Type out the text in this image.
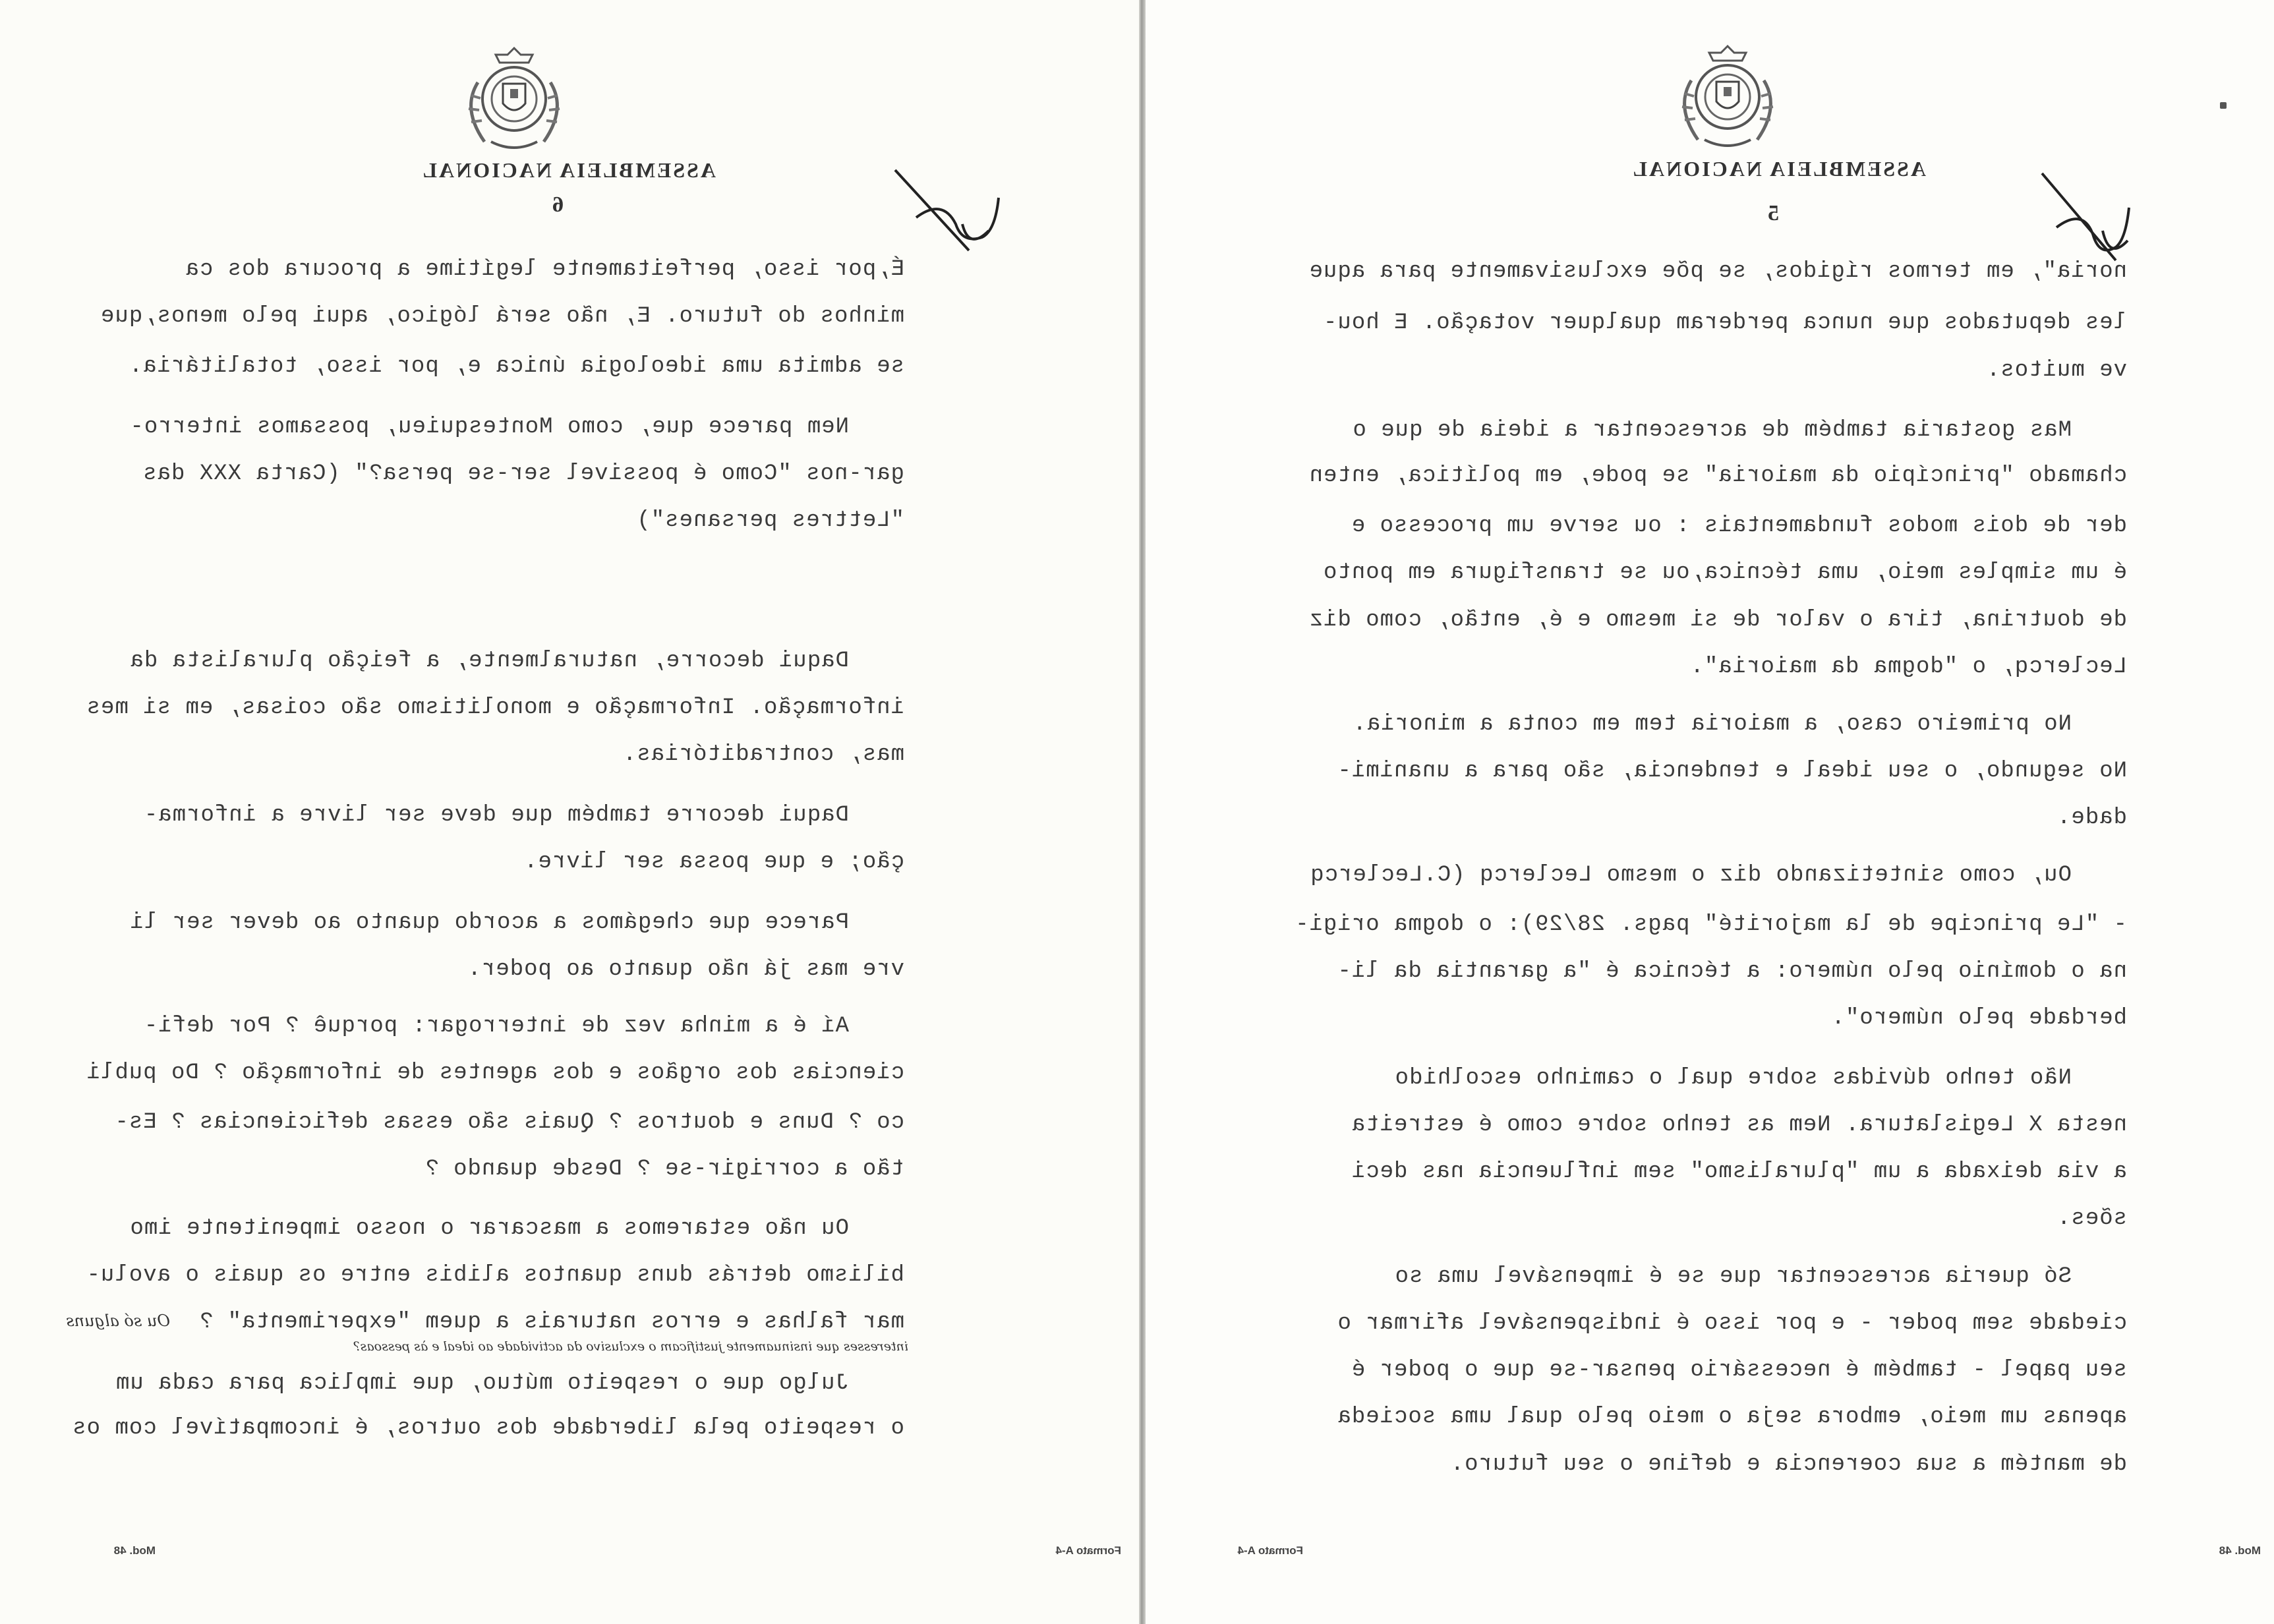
ASSEMBLEIA NACIONAL
6
É,por isso, perfeitamente legítime a procura dos ca
minhos do futuro. E, não será lógico, aqui pelo menos,que
se admita uma ideologia única e, por isso, totalitária.
Nem parece que, como Montesquieu, possamos interro-
gar-nos "Como é possivel ser-se persa?" (Carta XXX das
"Lettres persanes")
Daqui decorre, naturalmente, a feição pluralista da
informação. Informação e monolitismo são coisas, em si mes
mas, contraditórias.
Daqui decorre também que deve ser livre a informa-
ção; e que possa ser livre.
Parece que chegámos a acordo quanto ao dever ser li
vre mas já não quanto ao poder.
Aí é a minha vez de interrogar: porquê ? Por defi-
ciencias dos orgãos e dos agentes de informação ? Do publi
co ? Duns e doutros ? Quais são essas deficiencias ? Es-
tão a corrigir-se ? Desde quando ?
Ou não estaremos a mascarar o nosso impenitente imo
bilismo detrás duns quantos alibis entre os quais o avolu-
mar falhas e erros naturais a quem "experimenta" ?
Julgo que o respeito mútuo, que implica para cada um
o respeito pela liberdade dos outros, é incompatível com os
Ou só alguns
interesses que insinuamente justificam o exclusivo da actividade ao ideal e às pessoas?
Mod. 48	Formato A-4
ASSEMBLEIA NACIONAL
5
noria", em termos rígidos, se põe exclusivamente para aque
les deputados que nunca perderam qualquer votação. E hou-
ve muitos.
Mas gostaria também de acrescentar a ideia de que o
chamado "princípio da maioria" se pode, em política, enten
der de dois modos fundamentais : ou serve um processo e
é um simples meio, uma técnica,ou se transfigura em ponto
de doutrina, tira o valor de si mesmo e é, então, como diz
Leclercq, o "dogma da maioria".
No primeiro caso, a maioria tem em conta a minoria.
No segundo, o seu ideal e tendencia, são para a unanimi-
dade.
Ou, como sintetizando diz o mesmo Leclercq (C.Leclercq
- "Le principe de la majorité" pags. 28/29): o dogma origi-
na o domínio pelo número: a técnica é "a garantia da li-
berdade pelo número".
Não tenho dúvidas sobre qual o caminho escolhido
nesta X Legislatura. Nem as tenho sobre como é estreita
a via deixada a um "pluralismo" sem influencia nas deci
sões.
Só queria acrescentar que se é impensável uma so
ciedade sem poder - e por isso é indispensável afirmar o
seu papel - também é necessário pensar-se que o poder é
apenas um meio, embora seja o meio pelo qual uma socieda
de mantém a sua coerencia e define o seu futuro.
Formato A-4	Mod. 48
